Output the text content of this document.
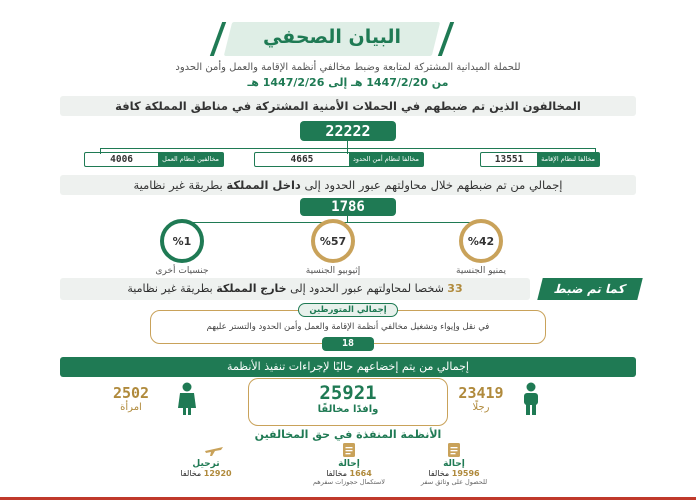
البيان الصحفي
للحملة الميدانية المشتركة لمتابعة وضبط مخالفي أنظمة الإقامة والعمل وأمن الحدود
من 1447/2/20 هـ إلى 1447/2/26 هـ
المخالفون الذين تم ضبطهم في الحملات الأمنية المشتركة في مناطق المملكة كافة
22222
مخالفا لنظام الإقامة
13551
مخالفا لنظام أمن الحدود
4665
مخالفين لنظام العمل
4006
إجمالي من تم ضبطهم خلال محاولتهم عبور الحدود إلى داخل المملكة بطريقة غير نظامية
1786
%42
يمنيو الجنسية
%57
إثيوبيو الجنسية
%1
جنسيات أخرى
كما تم ضبط
33 شخصا لمحاولتهم عبور الحدود إلى خارج المملكة بطريقة غير نظامية
إجمالي المتورطين
في نقل وإيواء وتشغيل مخالفي أنظمة الإقامة والعمل وأمن الحدود والتستر عليهم
18
إجمالي من يتم إخضاعهم حاليًا لإجراءات تنفيذ الأنظمة
23419
رجلًا
25921
وافدًا مخالفًا
2502
امرأة
الأنظمة المنفذة في حق المخالفين
إحالة
19596 مخالفا
للحصول على وثائق سفر
إحالة
1664 مخالفا
لاستكمال حجوزات سفرهم
ترحيل
12920 مخالفا
